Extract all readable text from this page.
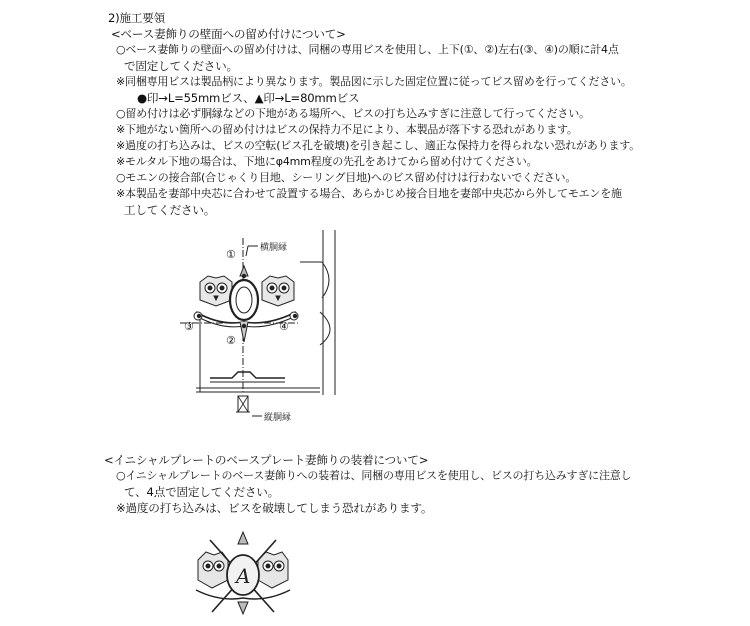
2)施工要領
<ベース妻飾りの壁面への留め付けについて>
○ベース妻飾りの壁面への留め付けは、同梱の専用ビスを使用し、上下(①、②)左右(③、④)の順に計4点
で固定してください。
※同梱専用ビスは製品柄により異なります。製品図に示した固定位置に従ってビス留めを行ってください。
●印→L=55mmビス、▲印→L=80mmビス
○留め付けは必ず胴縁などの下地がある場所へ、ビスの打ち込みすぎに注意して行ってください。
※下地がない箇所への留め付けはビスの保持力不足により、本製品が落下する恐れがあります。
※過度の打ち込みは、ビスの空転(ビス孔を破壊)を引き起こし、適正な保持力を得られない恐れがあります。
※モルタル下地の場合は、下地にφ4mm程度の先孔をあけてから留め付けてください。
○モエンの接合部(合じゃくり目地、シーリング目地)へのビス留め付けは行わないでください。
※本製品を妻部中央芯に合わせて設置する場合、あらかじめ接合目地を妻部中央芯から外してモエンを施
工してください。
①
②
③	④
横胴縁
縦胴縁
A
<イニシャルプレートのベースプレート妻飾りの装着について>
○イニシャルプレートのベース妻飾りへの装着は、同梱の専用ビスを使用し、ビスの打ち込みすぎに注意し
て、4点で固定してください。
※過度の打ち込みは、ビスを破壊してしまう恐れがあります。
